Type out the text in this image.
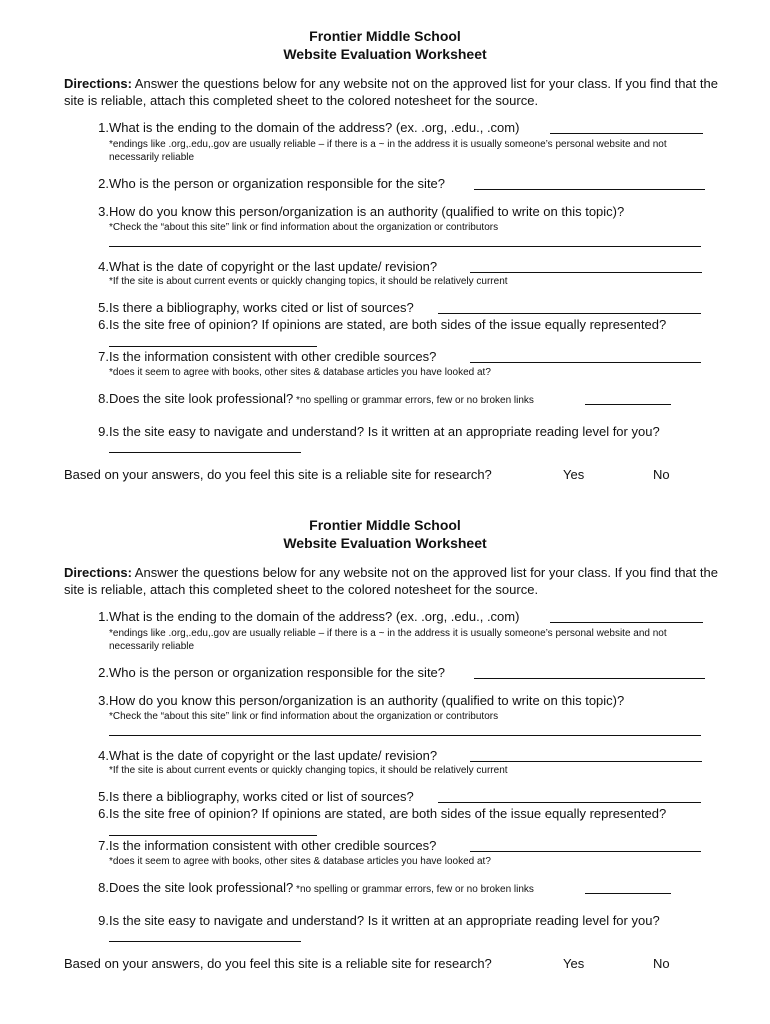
Frontier Middle School
Website Evaluation Worksheet
Directions: Answer the questions below for any website not on the approved list for your class. If you find that the site is reliable, attach this completed sheet to the colored notesheet for the source.
1. What is the ending to the domain of the address? (ex. .org, .edu., .com)
*endings like .org,.edu,.gov are usually reliable – if there is a ~ in the address it is usually someone’s personal website and not necessarily reliable
2. Who is the person or organization responsible for the site?
3. How do you know this person/organization is an authority (qualified to write on this topic)?
*Check the “about this site” link or find information about the organization or contributors
4. What is the date of copyright or the last update/ revision?
*If the site is about current events or quickly changing topics, it should be relatively current
5. Is there a bibliography, works cited or list of sources?
6. Is the site free of opinion? If opinions are stated, are both sides of the issue equally represented?
7. Is the information consistent with other credible sources?
*does it seem to agree with books, other sites & database articles you have looked at?
8. Does the site look professional? *no spelling or grammar errors, few or no broken links
9. Is the site easy to navigate and understand? Is it written at an appropriate reading level for you?
Based on your answers, do you feel this site is a reliable site for research?	Yes	No
Frontier Middle School
Website Evaluation Worksheet
Directions: Answer the questions below for any website not on the approved list for your class. If you find that the site is reliable, attach this completed sheet to the colored notesheet for the source.
1. What is the ending to the domain of the address? (ex. .org, .edu., .com)
*endings like .org,.edu,.gov are usually reliable – if there is a ~ in the address it is usually someone’s personal website and not necessarily reliable
2. Who is the person or organization responsible for the site?
3. How do you know this person/organization is an authority (qualified to write on this topic)?
*Check the “about this site” link or find information about the organization or contributors
4. What is the date of copyright or the last update/ revision?
*If the site is about current events or quickly changing topics, it should be relatively current
5. Is there a bibliography, works cited or list of sources?
6. Is the site free of opinion? If opinions are stated, are both sides of the issue equally represented?
7. Is the information consistent with other credible sources?
*does it seem to agree with books, other sites & database articles you have looked at?
8. Does the site look professional? *no spelling or grammar errors, few or no broken links
9. Is the site easy to navigate and understand? Is it written at an appropriate reading level for you?
Based on your answers, do you feel this site is a reliable site for research?	Yes	No
